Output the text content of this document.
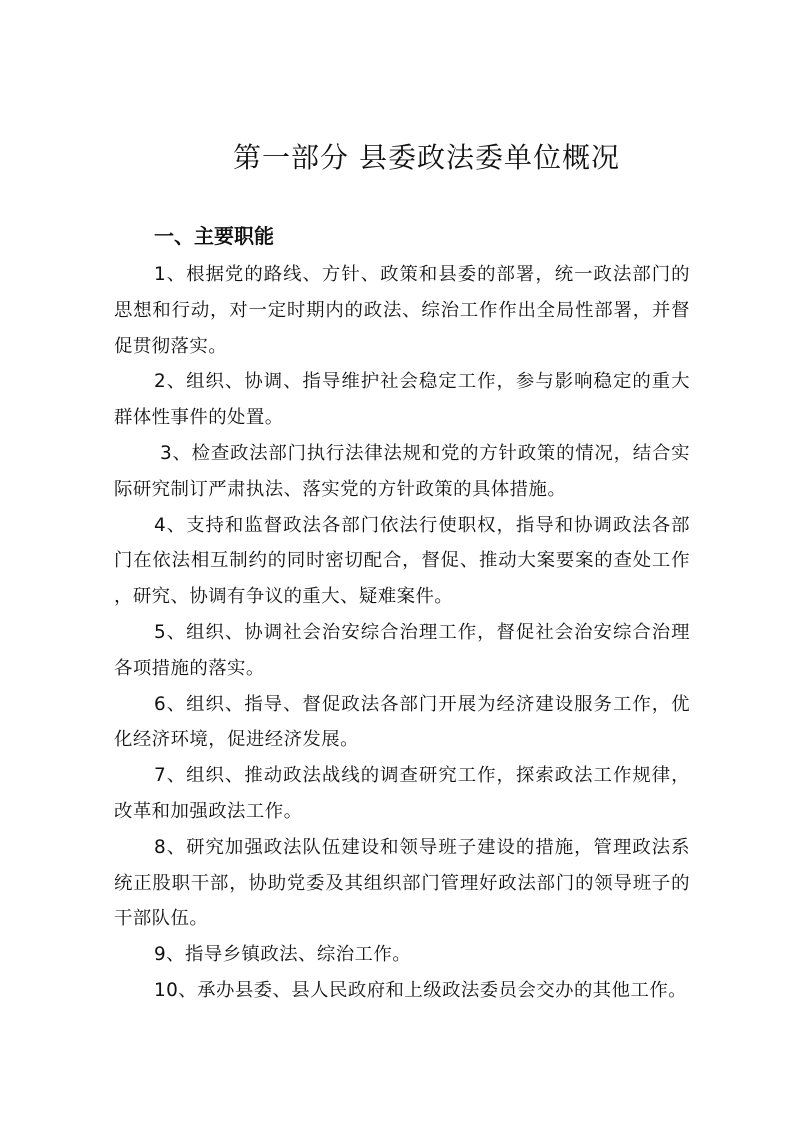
第一部分 县委政法委单位概况
一、主要职能
1、根据党的路线、方针、政策和县委的部署，统一政法部门的思想和行动，对一定时期内的政法、综治工作作出全局性部署，并督促贯彻落实。
2、组织、协调、指导维护社会稳定工作，参与影响稳定的重大群体性事件的处置。
3、检查政法部门执行法律法规和党的方针政策的情况，结合实际研究制订严肃执法、落实党的方针政策的具体措施。
4、支持和监督政法各部门依法行使职权，指导和协调政法各部门在依法相互制约的同时密切配合，督促、推动大案要案的查处工作，研究、协调有争议的重大、疑难案件。
5、组织、协调社会治安综合治理工作，督促社会治安综合治理各项措施的落实。
6、组织、指导、督促政法各部门开展为经济建设服务工作，优化经济环境，促进经济发展。
7、组织、推动政法战线的调查研究工作，探索政法工作规律，改革和加强政法工作。
8、研究加强政法队伍建设和领导班子建设的措施，管理政法系统正股职干部，协助党委及其组织部门管理好政法部门的领导班子的干部队伍。
9、指导乡镇政法、综治工作。
10、承办县委、县人民政府和上级政法委员会交办的其他工作。
